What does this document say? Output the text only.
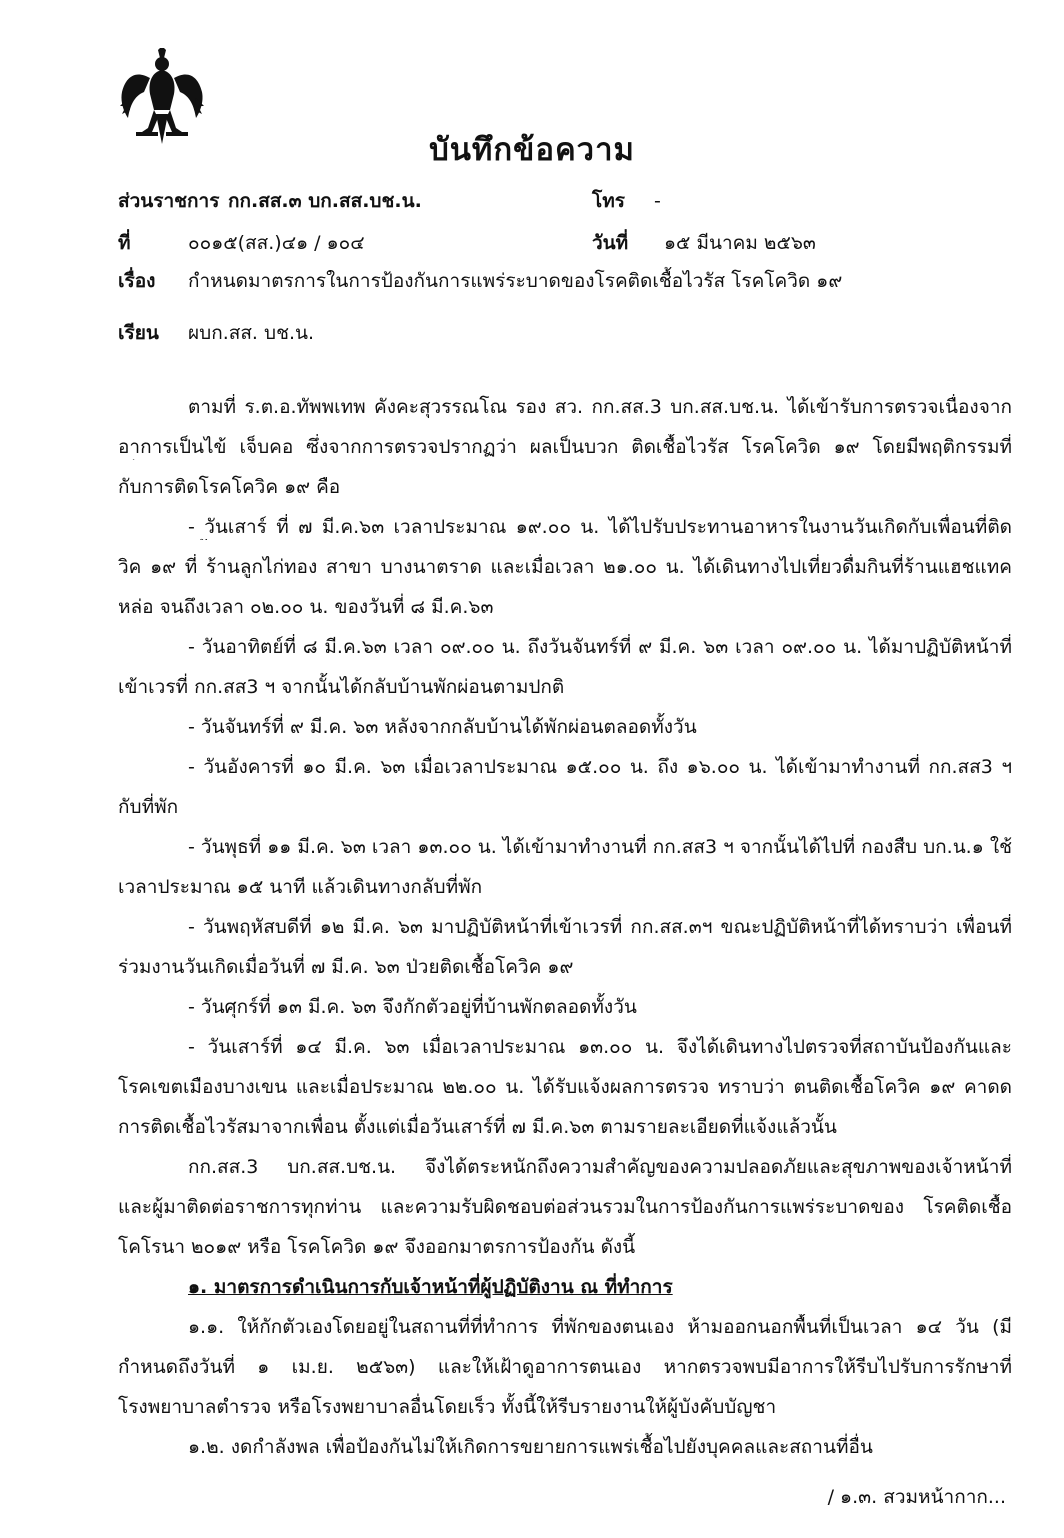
บันทึกข้อความ
ส่วนราชการ กก.สส.๓ บก.สส.บช.น.	โทร -
ที่	๐๐๑๕(สส.)๔๑ / ๑๐๔	วันที่ ๑๕ มีนาคม ๒๕๖๓
เรื่อง กำหนดมาตรการในการป้องกันการแพร่ระบาดของโรคติดเชื้อไวรัส โรคโควิด ๑๙
เรียน ผบก.สส. บช.น.
ตามที่ ร.ต.อ.ทัพพเทพ คังคะสุวรรณโณ รอง สว. กก.สส.3 บก.สส.บช.น. ได้เข้ารับการตรวจเนื่องจาก
อาการเป็นไข้ เจ็บคอ ซึ่งจากการตรวจปรากฏว่า ผลเป็นบวก ติดเชื้อไวรัส โรคโควิด ๑๙ โดยมีพฤติกรรมที่
กับการติดโรคโควิค ๑๙ คือ
- วันเสาร์ ที่ ๗ มี.ค.๖๓ เวลาประมาณ ๑๙.๐๐ น. ได้ไปรับประทานอาหารในงานวันเกิดกับเพื่อนที่ติด
วิค ๑๙ ที่ ร้านลูกไก่ทอง สาขา บางนาตราด และเมื่อเวลา ๒๑.๐๐ น. ได้เดินทางไปเที่ยวดื่มกินที่ร้านแฮชแทค
หล่อ จนถึงเวลา ๐๒.๐๐ น. ของวันที่ ๘ มี.ค.๖๓
- วันอาทิตย์ที่ ๘ มี.ค.๖๓ เวลา ๐๙.๐๐ น. ถึงวันจันทร์ที่ ๙ มี.ค. ๖๓ เวลา ๐๙.๐๐ น. ได้มาปฏิบัติหน้าที่
เข้าเวรที่ กก.สส3 ฯ จากนั้นได้กลับบ้านพักผ่อนตามปกติ
- วันจันทร์ที่ ๙ มี.ค. ๖๓ หลังจากกลับบ้านได้พักผ่อนตลอดทั้งวัน
- วันอังคารที่ ๑๐ มี.ค. ๖๓ เมื่อเวลาประมาณ ๑๕.๐๐ น. ถึง ๑๖.๐๐ น. ได้เข้ามาทำงานที่ กก.สส3 ฯ
กับที่พัก
- วันพุธที่ ๑๑ มี.ค. ๖๓ เวลา ๑๓.๐๐ น. ได้เข้ามาทำงานที่ กก.สส3 ฯ จากนั้นได้ไปที่ กองสืบ บก.น.๑ ใช้
เวลาประมาณ ๑๕ นาที แล้วเดินทางกลับที่พัก
- วันพฤหัสบดีที่ ๑๒ มี.ค. ๖๓ มาปฏิบัติหน้าที่เข้าเวรที่ กก.สส.๓ฯ ขณะปฏิบัติหน้าที่ได้ทราบว่า เพื่อนที่
ร่วมงานวันเกิดเมื่อวันที่ ๗ มี.ค. ๖๓ ป่วยติดเชื้อโควิค ๑๙
- วันศุกร์ที่ ๑๓ มี.ค. ๖๓ จึงกักตัวอยู่ที่บ้านพักตลอดทั้งวัน
- วันเสาร์ที่ ๑๔ มี.ค. ๖๓ เมื่อเวลาประมาณ ๑๓.๐๐ น. จึงได้เดินทางไปตรวจที่สถาบันป้องกันและ
โรคเขตเมืองบางเขน และเมื่อประมาณ ๒๒.๐๐ น. ได้รับแจ้งผลการตรวจ ทราบว่า ตนติดเชื้อโควิค ๑๙ คาดด
การติดเชื้อไวรัสมาจากเพื่อน ตั้งแต่เมื่อวันเสาร์ที่ ๗ มี.ค.๖๓ ตามรายละเอียดที่แจ้งแล้วนั้น
กก.สส.3 บก.สส.บช.น. จึงได้ตระหนักถึงความสำคัญของความปลอดภัยและสุขภาพของเจ้าหน้าที่
และผู้มาติดต่อราชการทุกท่าน และความรับผิดชอบต่อส่วนรวมในการป้องกันการแพร่ระบาดของ โรคติดเชื้อ
โคโรนา ๒๐๑๙ หรือ โรคโควิด ๑๙ จึงออกมาตรการป้องกัน ดังนี้
๑. มาตรการดำเนินการกับเจ้าหน้าที่ผู้ปฏิบัติงาน ณ ที่ทำการ
๑.๑. ให้กักตัวเองโดยอยู่ในสถานที่ที่ทำการ ที่พักของตนเอง ห้ามออกนอกพื้นที่เป็นเวลา ๑๔ วัน (มี
กำหนดถึงวันที่ ๑ เม.ย. ๒๕๖๓) และให้เฝ้าดูอาการตนเอง หากตรวจพบมีอาการให้รีบไปรับการรักษาที่
โรงพยาบาลตำรวจ หรือโรงพยาบาลอื่นโดยเร็ว ทั้งนี้ให้รีบรายงานให้ผู้บังคับบัญชา
๑.๒. งดกำลังพล เพื่อป้องกันไม่ให้เกิดการขยายการแพร่เชื้อไปยังบุคคลและสถานที่อื่น
/ ๑.๓. สวมหน้ากาก...
